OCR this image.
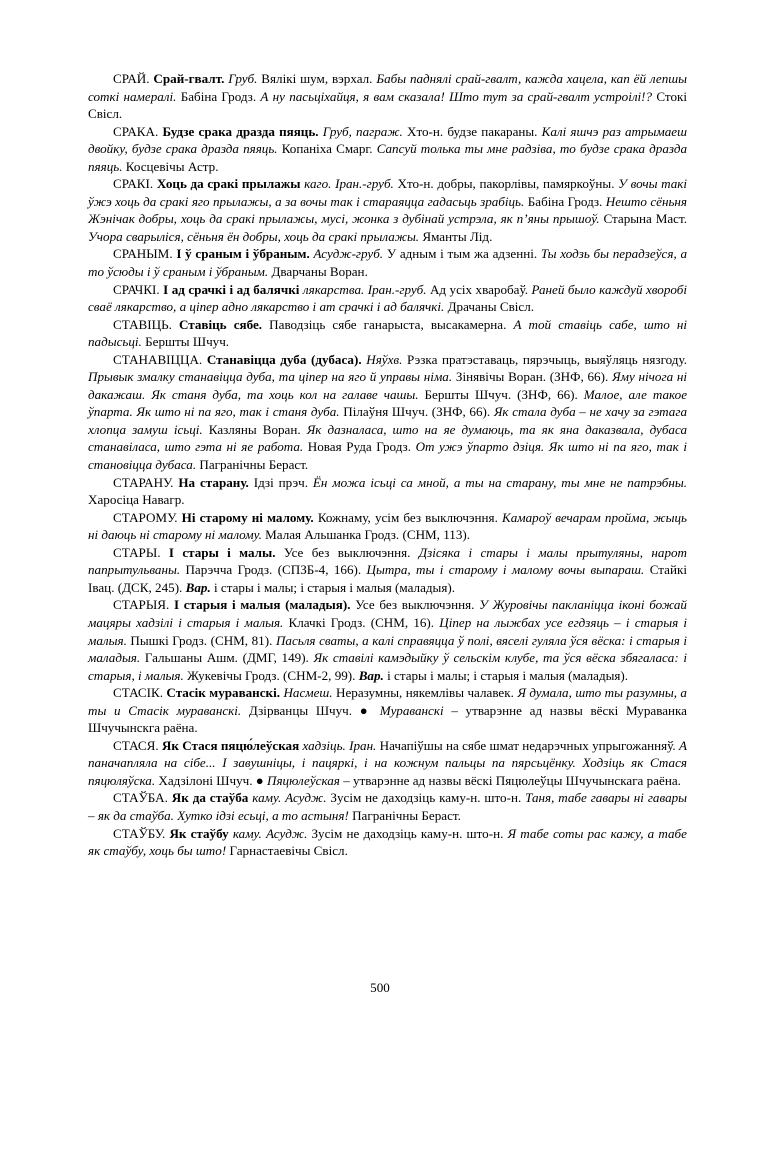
СРАЙ. Срай-гвалт. Груб. Вялікі шум, вэрхал. Бабы паднялі срай-гвалт, кажда хацела, кап ёй лепшы соткі намералі. Бабіна Гродз. А ну пасьціхайця, я вам сказала! Што тут за срай-гвалт устроілі!? Стокі Свісл.

СРАКА. Будзе срака дразда пяяць. Груб, паграж. Хто-н. будзе пакараны. Калі яшчэ раз атрымаеш двойку, будзе срака дразда пяяць. Копаніха Смарг. Сапсуй толька ты мне радзіва, то будзе срака дразда пяяць. Косцевічы Астр.

СРАКІ. Хоць да сракі прылажы каго. Іран.-груб. Хто-н. добры, пакорлівы, памяркоўны. У вочы такі ўжэ хоць да сракі яго прылажы, а за вочы так і стараяцца гадасьць зрабіць. Бабіна Гродз. Нешто сёньня Жэнічак добры, хоць да сракі прылажы, мусі, жонка з дубінай устрэла, як п’яны прышоў. Старына Маст. Учора сварыліся, сёньня ён добры, хоць да сракі прылажы. Яманты Лід.

СРАНЫМ. І ў сраным і ўбраным. Асудж-груб. У адным і тым жа адзенні. Ты ходзь бы перадзеўся, а то ўсюды і ў сраным і ўбраным. Дварчаны Воран.

СРАЧКІ. І ад срачкі і ад балячкі лякарства. Іран.-груб. Ад усіх хваробаў. Раней было каждуй хворобі сваё лякарство, а ціпер адно лякарство і ат срачкі і ад балячкі. Драчаны Свісл.

СТАВІЦЬ. Ставіць сябе. Паводзіць сябе ганарыста, высакамерна. А той ставіць сабе, што ні падысьці. Бершты Шчуч.

СТАНАВІЦЦА. Станавіцца дуба (дубаса). Няўхв. Рэзка пратэставаць, пярэчыць, выяўляць нязгоду. Прывык змалку станавіцца дуба, та ціпер на яго й управы німа. Зінявічы Воран. (ЗНФ, 66). Яму нічога ні дакажаш. Як станя дуба, та хоць кол на галаве чашы. Бершты Шчуч. (ЗНФ, 66). Малое, але такое ўпарта. Як што ні па яго, так і станя дуба. Пілаўня Шчуч. (ЗНФ, 66). Як стала дуба – не хачу за гэтага хлопца замуш ісьці. Казляны Воран. Як дазналаса, што на яе думаюць, та як яна даказвала, дубаса станавіласа, што гэта ні яе работа. Новая Руда Гродз. От ужэ ўпарто дзіця. Як што ні па яго, так і становіцца дубаса. Пагранічны Бераст.

СТАРАНУ. На старану. Ідзі прэч. Ён можа ісьці са мной, а ты на старану, ты мне не патрэбны. Харосіца Навагр.

СТАРОМУ. Ні старому ні малому. Кожнаму, усім без выключэння. Камароў вечарам пройма, жыць ні даюць ні старому ні малому. Малая Альшанка Гродз. (СНМ, 113).

СТАРЫ. І стары і малы. Усе без выключэння. Дзісяка і стары і малы прытуляны, нарот папрытульваны. Парэчча Гродз. (СПЗБ-4, 166). Цытра, ты і старому і малому вочы выпараш. Стайкі Івац. (ДСК, 245). Вар. і стары і малы; і старыя і малыя (маладыя).

СТАРЫЯ. І старыя і малыя (маладыя). Усе без выключэння. У Журовічы пакланіцца іконі божай мацяры хадзілі і старыя і малыя. Клачкі Гродз. (СНМ, 16). Ціпер на лыжбах усе егдзяць – і старыя і малыя. Пышкі Гродз. (СНМ, 81). Пасьля сваты, а калі справяцца ў полі, вяселі гуляла ўся вёска: і старыя і маладыя. Гальшаны Ашм. (ДМГ, 149). Як ставілі камэдыйку ў сельскім клубе, та ўся вёска збягалаca: і старыя, і малыя. Жукевічы Гродз. (СНМ-2, 99). Вар. і стары і малы; і старыя і малыя (маладыя).

СТАСІК. Стасік мураванскі. Насмеш. Неразумны, някемлівы чалавек. Я думала, што ты разумны, а ты и Стасік мураванскі. Дзірванцы Шчуч. ● Мураванскі – утварэнне ад назвы вёскі Мураванка Шчучынскга раёна.

СТАСЯ. Як Стася пяцю́леўская хадзіць. Іран. Начапіўшы на сябе шмат недарэчных упрыгожанняў. А паначапляла на сібе... І завушніцы, і пацяркі, і на кожнум пальцы па пярсьцёнку. Ходзіць як Стася пяцюляўска. Хадзілоні Шчуч. ● Пяцюлеўская – утварэнне ад назвы вёскі Пяцюлеўцы Шчучынскага раёна.

СТАЎБА. Як да стаўба каму. Асудж. Зусім не даходзіць каму-н. што-н. Таня, табе гавары ні гавары – як да стаўба. Хутко ідзі есьці, а то астыня! Пагранічны Бераст.

СТАЎБУ. Як стаўбу каму. Асудж. Зусім не даходзіць каму-н. што-н. Я табе соты рас кажу, а табе як стаўбу, хоць бы што! Гарнастаевічы Свісл.

500
